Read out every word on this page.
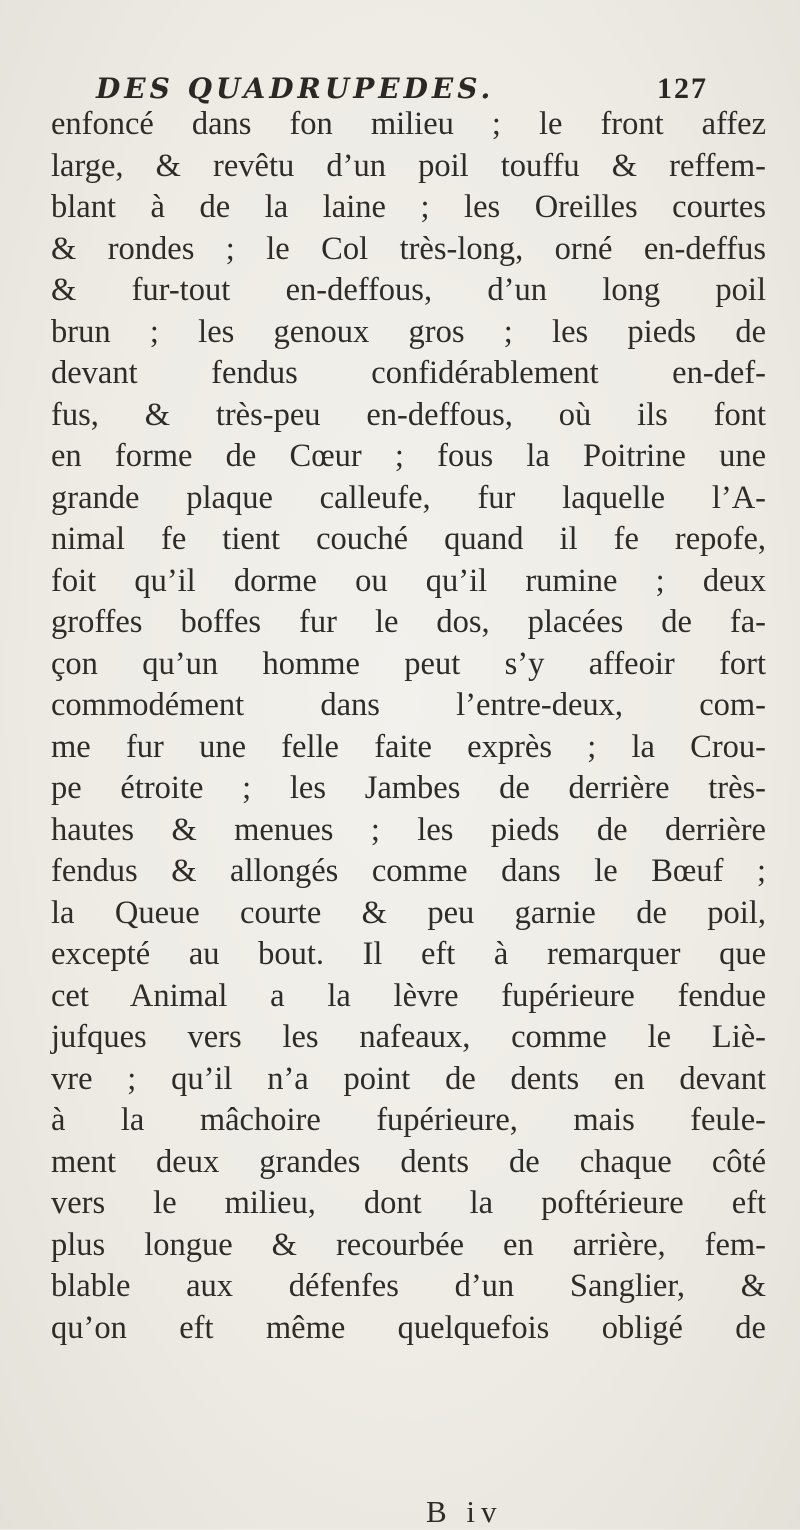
DES QUADRUPEDES.	127
enfoncé dans fon milieu ; le front affez
large, & revêtu d’un poil touffu & reffem-
blant à de la laine ; les Oreilles courtes
& rondes ; le Col très-long, orné en-deffus
& fur-tout en-deffous, d’un long poil
brun ; les genoux gros ; les pieds de
devant fendus confidérablement en-def-
fus, & très-peu en-deffous, où ils font
en forme de Cœur ; fous la Poitrine une
grande plaque calleufe, fur laquelle l’A-
nimal fe tient couché quand il fe repofe,
foit qu’il dorme ou qu’il rumine ; deux
groffes boffes fur le dos, placées de fa-
çon qu’un homme peut s’y affeoir fort
commodément dans l’entre-deux, com-
me fur une felle faite exprès ; la Crou-
pe étroite ; les Jambes de derrière très-
hautes & menues ; les pieds de derrière
fendus & allongés comme dans le Bœuf ;
la Queue courte & peu garnie de poil,
excepté au bout. Il eft à remarquer que
cet Animal a la lèvre fupérieure fendue
jufques vers les nafeaux, comme le Liè-
vre ; qu’il n’a point de dents en devant
à la mâchoire fupérieure, mais feule-
ment deux grandes dents de chaque côté
vers le milieu, dont la poftérieure eft
plus longue & recourbée en arrière, fem-
blable aux défenfes d’un Sanglier, &
qu’on eft même quelquefois obligé de
B iv
